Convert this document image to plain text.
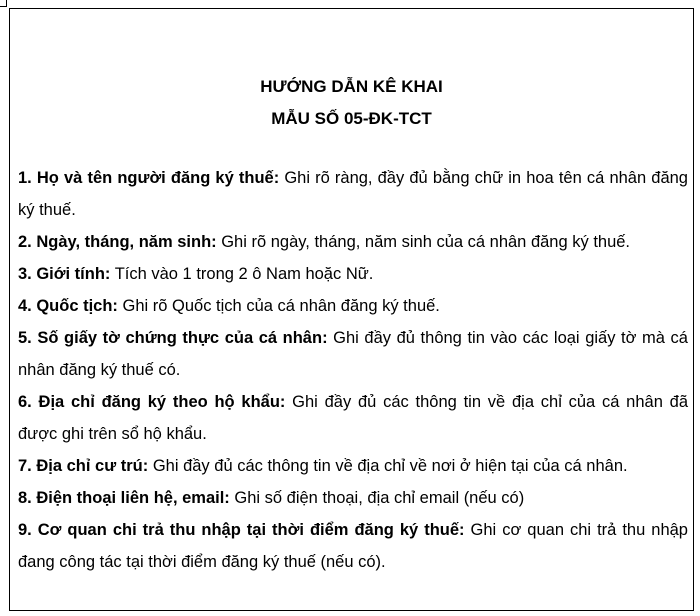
HƯỚNG DẪN KÊ KHAI
MẪU SỐ 05-ĐK-TCT

1. Họ và tên người đăng ký thuế: Ghi rõ ràng, đầy đủ bằng chữ in hoa tên cá nhân đăng ký thuế.

2. Ngày, tháng, năm sinh: Ghi rõ ngày, tháng, năm sinh của cá nhân đăng ký thuế.

3. Giới tính: Tích vào 1 trong 2 ô Nam hoặc Nữ.

4. Quốc tịch: Ghi rõ Quốc tịch của cá nhân đăng ký thuế.

5. Số giấy tờ chứng thực của cá nhân: Ghi đầy đủ thông tin vào các loại giấy tờ mà cá nhân đăng ký thuế có.

6. Địa chỉ đăng ký theo hộ khẩu: Ghi đầy đủ các thông tin về địa chỉ của cá nhân đã được ghi trên sổ hộ khẩu.

7. Địa chỉ cư trú: Ghi đầy đủ các thông tin về địa chỉ về nơi ở hiện tại của cá nhân.

8. Điện thoại liên hệ, email: Ghi số điện thoại, địa chỉ email (nếu có)

9. Cơ quan chi trả thu nhập tại thời điểm đăng ký thuế: Ghi cơ quan chi trả thu nhập đang công tác tại thời điểm đăng ký thuế (nếu có).
